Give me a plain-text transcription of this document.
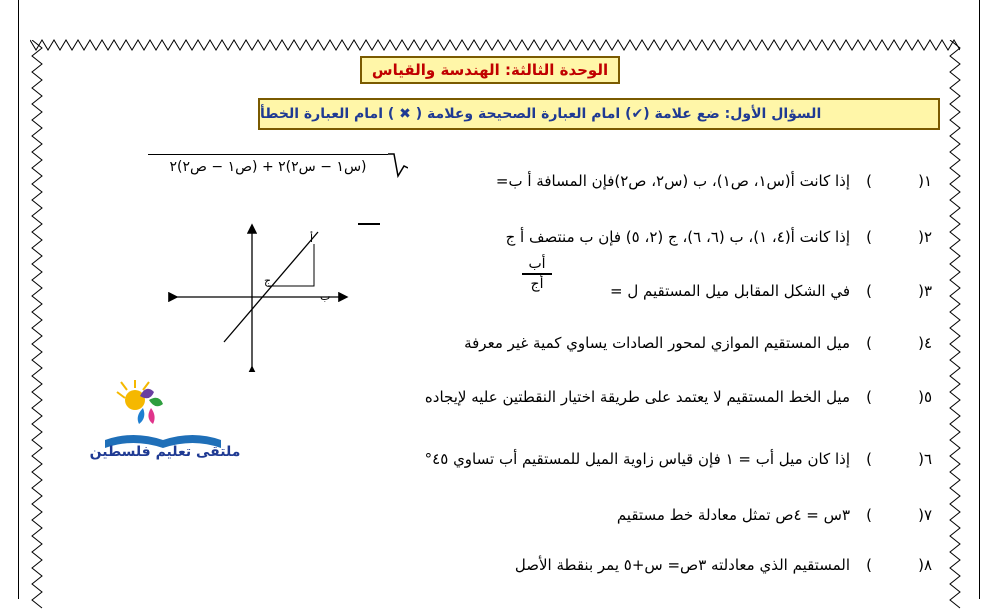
الوحدة الثالثة: الهندسة والقياس
السؤال الأول: ضع علامة (✔) امام العبارة الصحيحة وعلامة ( ✖ ) امام العبارة الخطأ
(س١ − س٢)٢ + (ص١ − ص٢)٢
١(
)
إذا كانت أ(س١، ص١)، ب (س٢، ص٢)فإن المسافة أ ب=
٢(
)
إذا كانت أ(٤، ١)، ب (٦، ٦)، ج (٢، ٥) فإن ب منتصف أ ج
٣(
)
في الشكل المقابل ميل المستقيم ل =
أب
أج
٤(
)
ميل المستقيم الموازي لمحور الصادات يساوي كمية غير معرفة
٥(
)
ميل الخط المستقيم لا يعتمد على طريقة اختيار النقطتين عليه لإيجاده
٦(
)
إذا كان ميل أب = ١ فإن قياس زاوية الميل للمستقيم أب تساوي ٤٥°
٧(
)
٣س = ٤ص تمثل معادلة خط مستقيم
٨(
)
المستقيم الذي معادلته ٣ص= س+٥ يمر بنقطة الأصل
أ
ب
ج
ملتقى تعليم فلسطين
